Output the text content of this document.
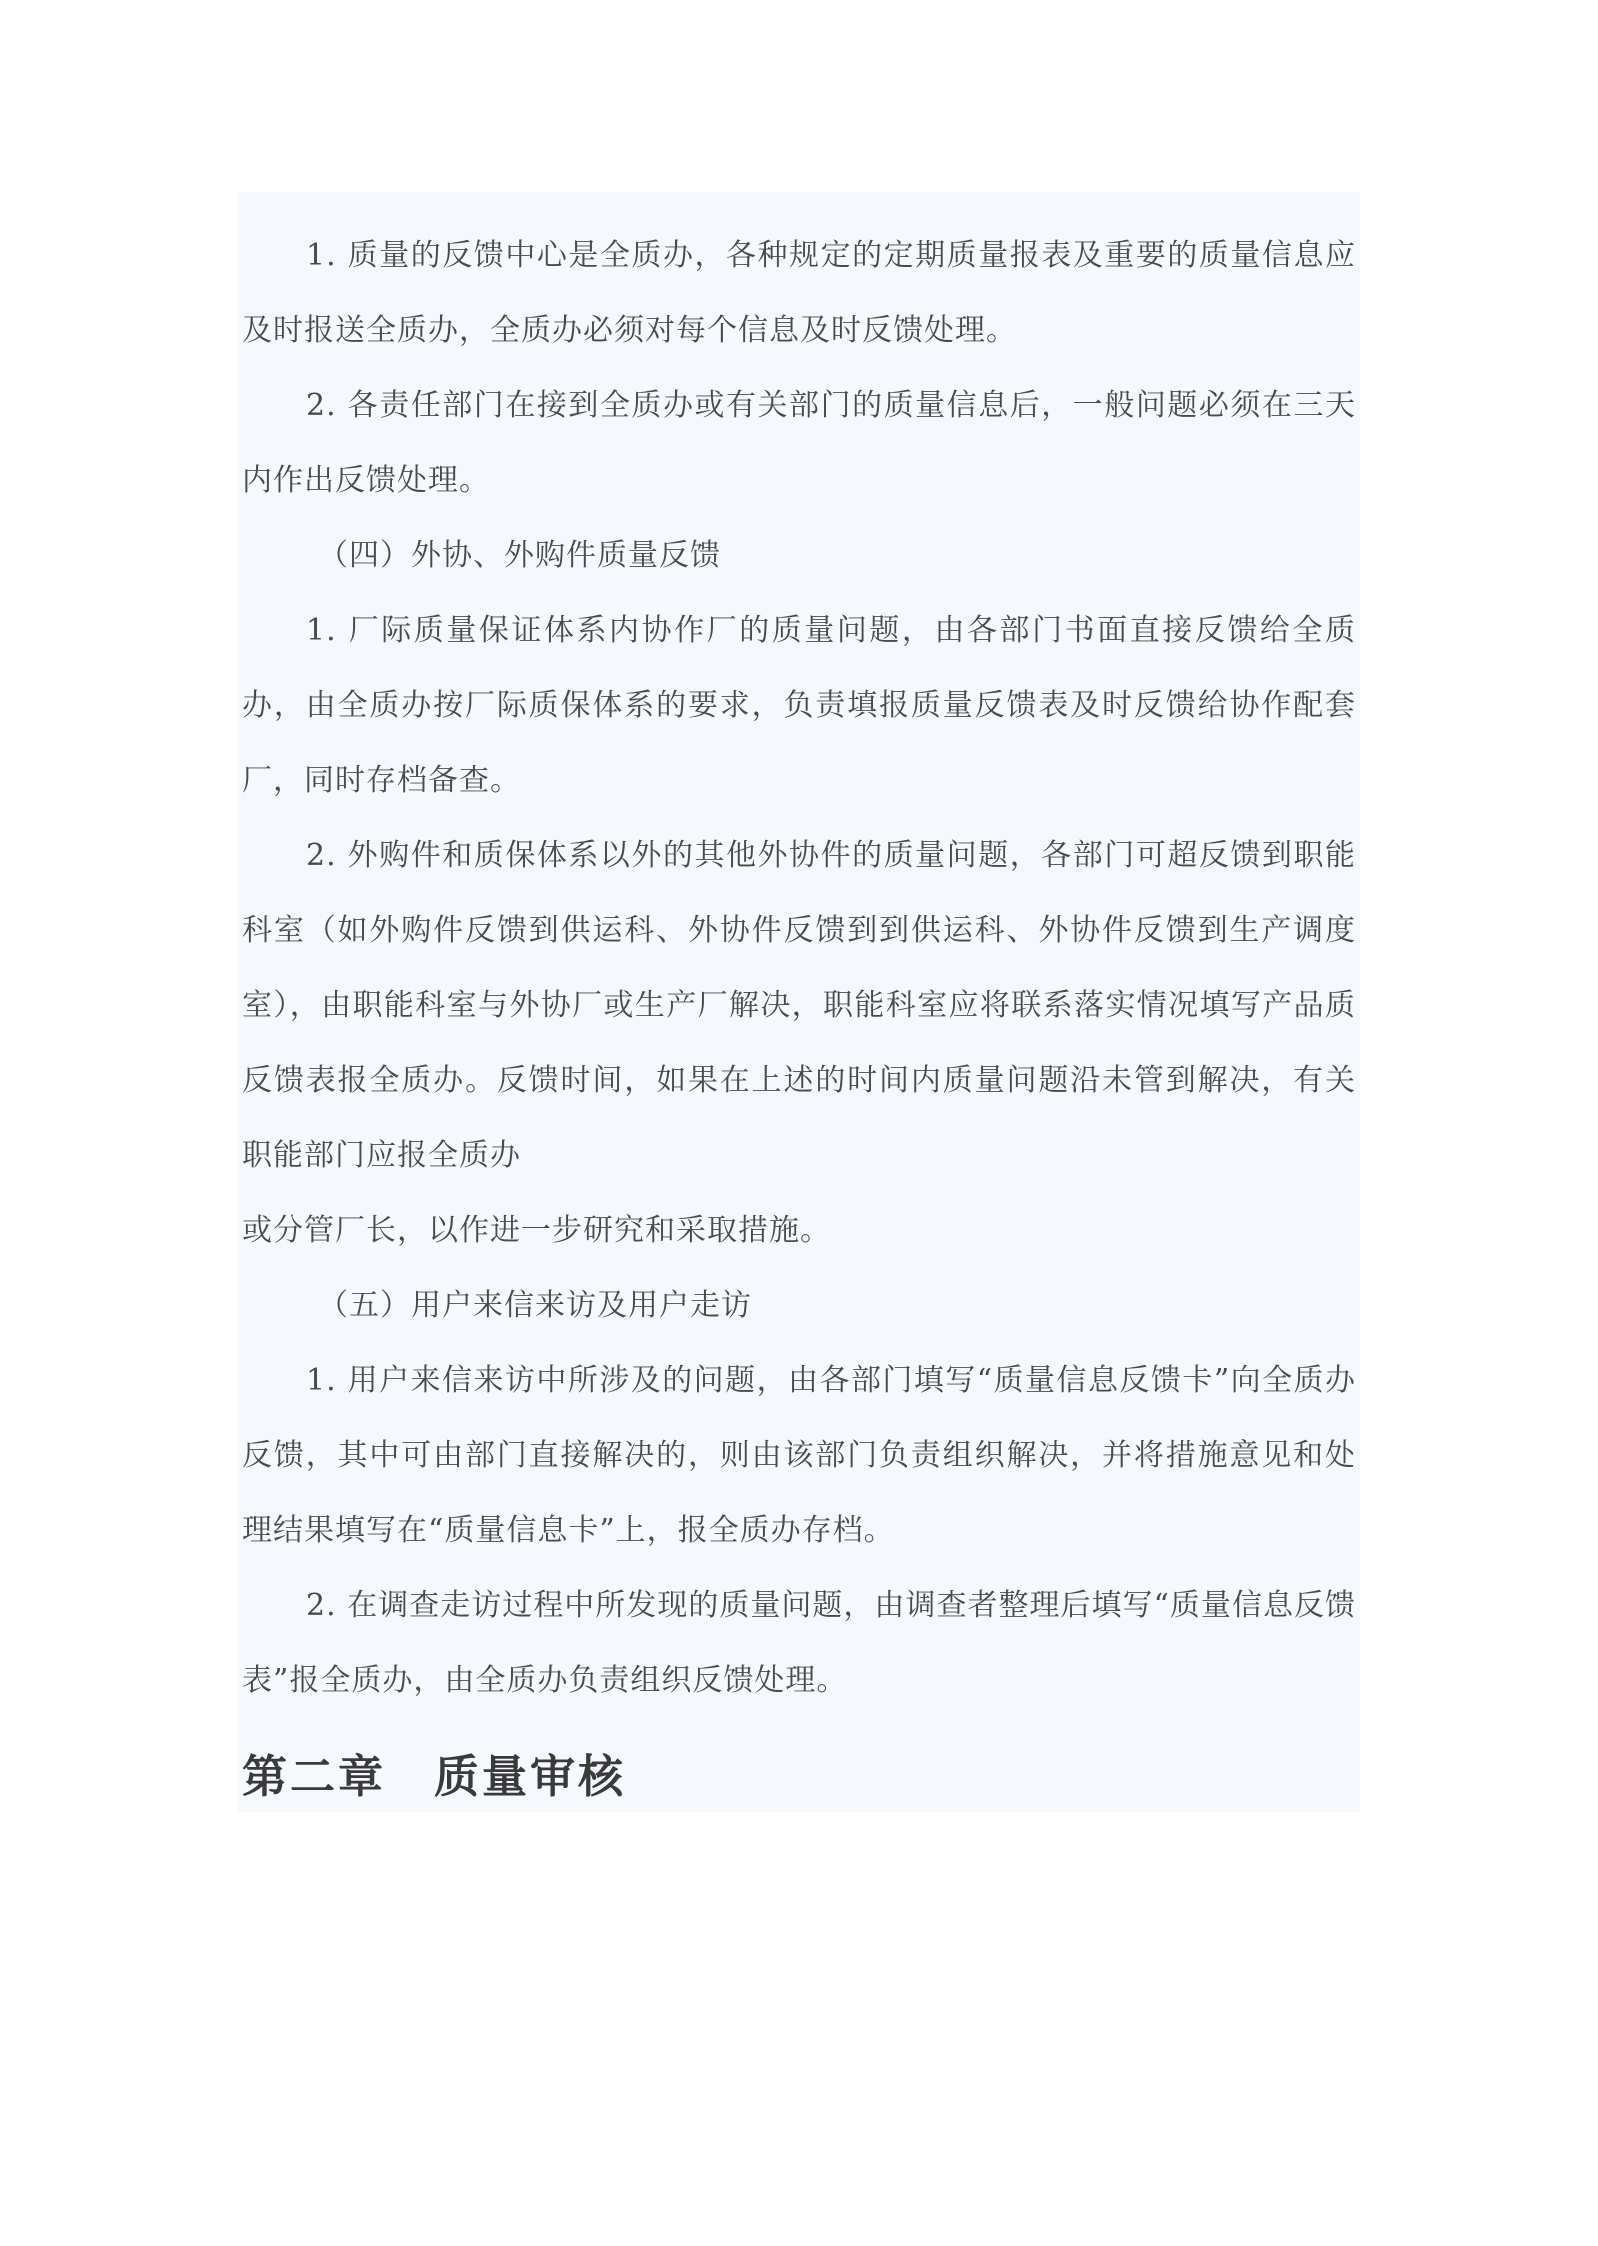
1. 质量的反馈中心是全质办，各种规定的定期质量报表及重要的质量信息应及时报送全质办，全质办必须对每个信息及时反馈处理。

2. 各责任部门在接到全质办或有关部门的质量信息后，一般问题必须在三天内作出反馈处理。

（四）外协、外购件质量反馈

1. 厂际质量保证体系内协作厂的质量问题，由各部门书面直接反馈给全质办，由全质办按厂际质保体系的要求，负责填报质量反馈表及时反馈给协作配套厂，同时存档备查。

2. 外购件和质保体系以外的其他外协件的质量问题，各部门可超反馈到职能科室（如外购件反馈到供运科、外协件反馈到到供运科、外协件反馈到生产调度室），由职能科室与外协厂或生产厂解决，职能科室应将联系落实情况填写产品质反馈表报全质办。反馈时间，如果在上述的时间内质量问题沿未管到解决，有关职能部门应报全质办

或分管厂长，以作进一步研究和采取措施。

（五）用户来信来访及用户走访

1. 用户来信来访中所涉及的问题，由各部门填写“质量信息反馈卡”向全质办反馈，其中可由部门直接解决的，则由该部门负责组织解决，并将措施意见和处理结果填写在“质量信息卡”上，报全质办存档。

2. 在调查走访过程中所发现的质量问题，由调查者整理后填写“质量信息反馈表”报全质办，由全质办负责组织反馈处理。

第二章　质量审核
